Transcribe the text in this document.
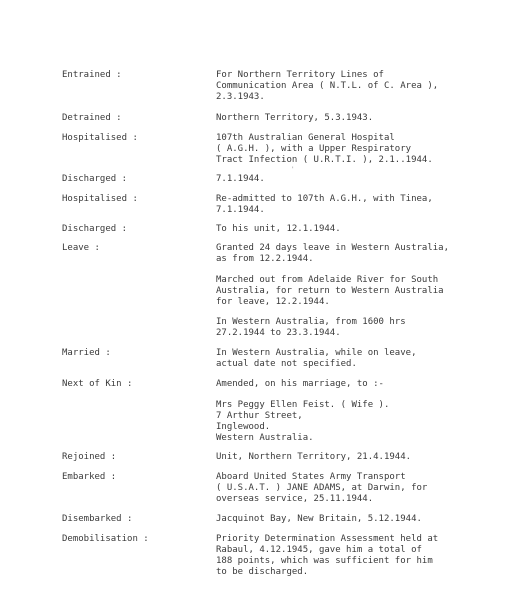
Entrained :	For Northern Territory Lines of
Communication Area ( N.T.L. of C. Area ),
2.3.1943.
Detrained :	Northern Territory, 5.3.1943.
Hospitalised :	107th Australian General Hospital
( A.G.H. ), with a Upper Respiratory
Tract Infection ( U.R.T.I. ), 2.1..1944.
'
Discharged :	7.1.1944.
Hospitalised :	Re-admitted to 107th A.G.H., with Tinea,
7.1.1944.
Discharged :	To his unit, 12.1.1944.
Leave :	Granted 24 days leave in Western Australia,
as from 12.2.1944.
Marched out from Adelaide River for South
Australia, for return to Western Australia
for leave, 12.2.1944.
In Western Australia, from 1600 hrs
27.2.1944 to 23.3.1944.
Married :	In Western Australia, while on leave,
actual date not specified.
Next of Kin :	Amended, on his marriage, to :-
Mrs Peggy Ellen Feist. ( Wife ).
7 Arthur Street,
Inglewood.
Western Australia.
Rejoined :	Unit, Northern Territory, 21.4.1944.
Embarked :	Aboard United States Army Transport
( U.S.A.T. ) JANE ADAMS, at Darwin, for
overseas service, 25.11.1944.
Disembarked :	Jacquinot Bay, New Britain, 5.12.1944.
Demobilisation :	Priority Determination Assessment held at
Rabaul, 4.12.1945, gave him a total of
188 points, which was sufficient for him
to be discharged.
